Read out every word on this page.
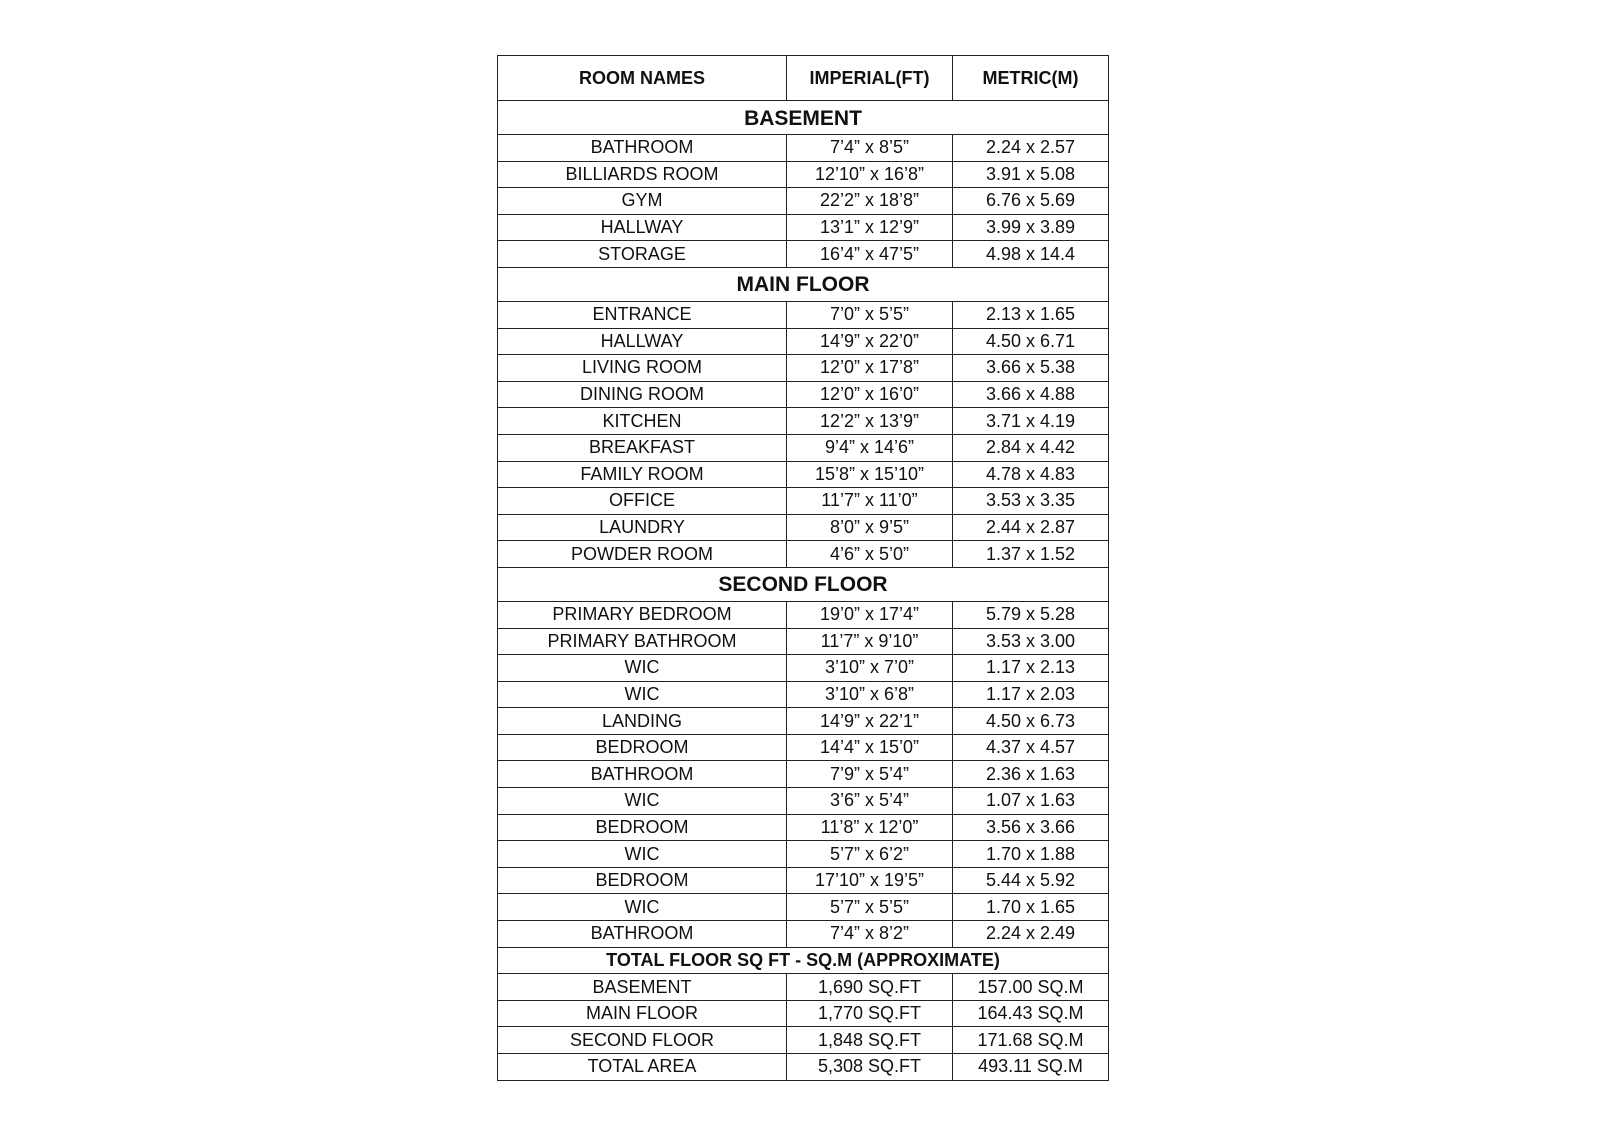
ROOM NAMES	IMPERIAL(FT)	METRIC(M)
BASEMENT		
BATHROOM	7’4” x 8’5”	2.24 x 2.57
BILLIARDS ROOM	12’10” x 16’8”	3.91 x 5.08
GYM	22’2” x 18’8”	6.76 x 5.69
HALLWAY	13’1” x 12’9”	3.99 x 3.89
STORAGE	16’4” x 47’5”	4.98 x 14.4
MAIN FLOOR		
ENTRANCE	7’0” x 5’5”	2.13 x 1.65
HALLWAY	14’9” x 22’0”	4.50 x 6.71
LIVING ROOM	12’0” x 17’8”	3.66 x 5.38
DINING ROOM	12’0” x 16’0”	3.66 x 4.88
KITCHEN	12’2” x 13’9”	3.71 x 4.19
BREAKFAST	9’4” x 14’6”	2.84 x 4.42
FAMILY ROOM	15’8” x 15’10”	4.78 x 4.83
OFFICE	11’7” x 11’0”	3.53 x 3.35
LAUNDRY	8’0” x 9’5”	2.44 x 2.87
POWDER ROOM	4’6” x 5’0”	1.37 x 1.52
SECOND FLOOR		
PRIMARY BEDROOM	19’0” x 17’4”	5.79 x 5.28
PRIMARY BATHROOM	11’7” x 9’10”	3.53 x 3.00
WIC	3’10” x 7’0”	1.17 x 2.13
WIC	3’10” x 6’8”	1.17 x 2.03
LANDING	14’9” x 22’1”	4.50 x 6.73
BEDROOM	14’4” x 15’0”	4.37 x 4.57
BATHROOM	7’9” x 5’4”	2.36 x 1.63
WIC	3’6” x 5’4”	1.07 x 1.63
BEDROOM	11’8” x 12’0”	3.56 x 3.66
WIC	5’7” x 6’2”	1.70 x 1.88
BEDROOM	17’10” x 19’5”	5.44 x 5.92
WIC	5’7” x 5’5”	1.70 x 1.65
BATHROOM	7’4” x 8’2”	2.24 x 2.49
TOTAL FLOOR SQ FT - SQ.M (APPROXIMATE)		
BASEMENT	1,690 SQ.FT	157.00 SQ.M
MAIN FLOOR	1,770 SQ.FT	164.43 SQ.M
SECOND FLOOR	1,848 SQ.FT	171.68 SQ.M
TOTAL AREA	5,308 SQ.FT	493.11 SQ.M
